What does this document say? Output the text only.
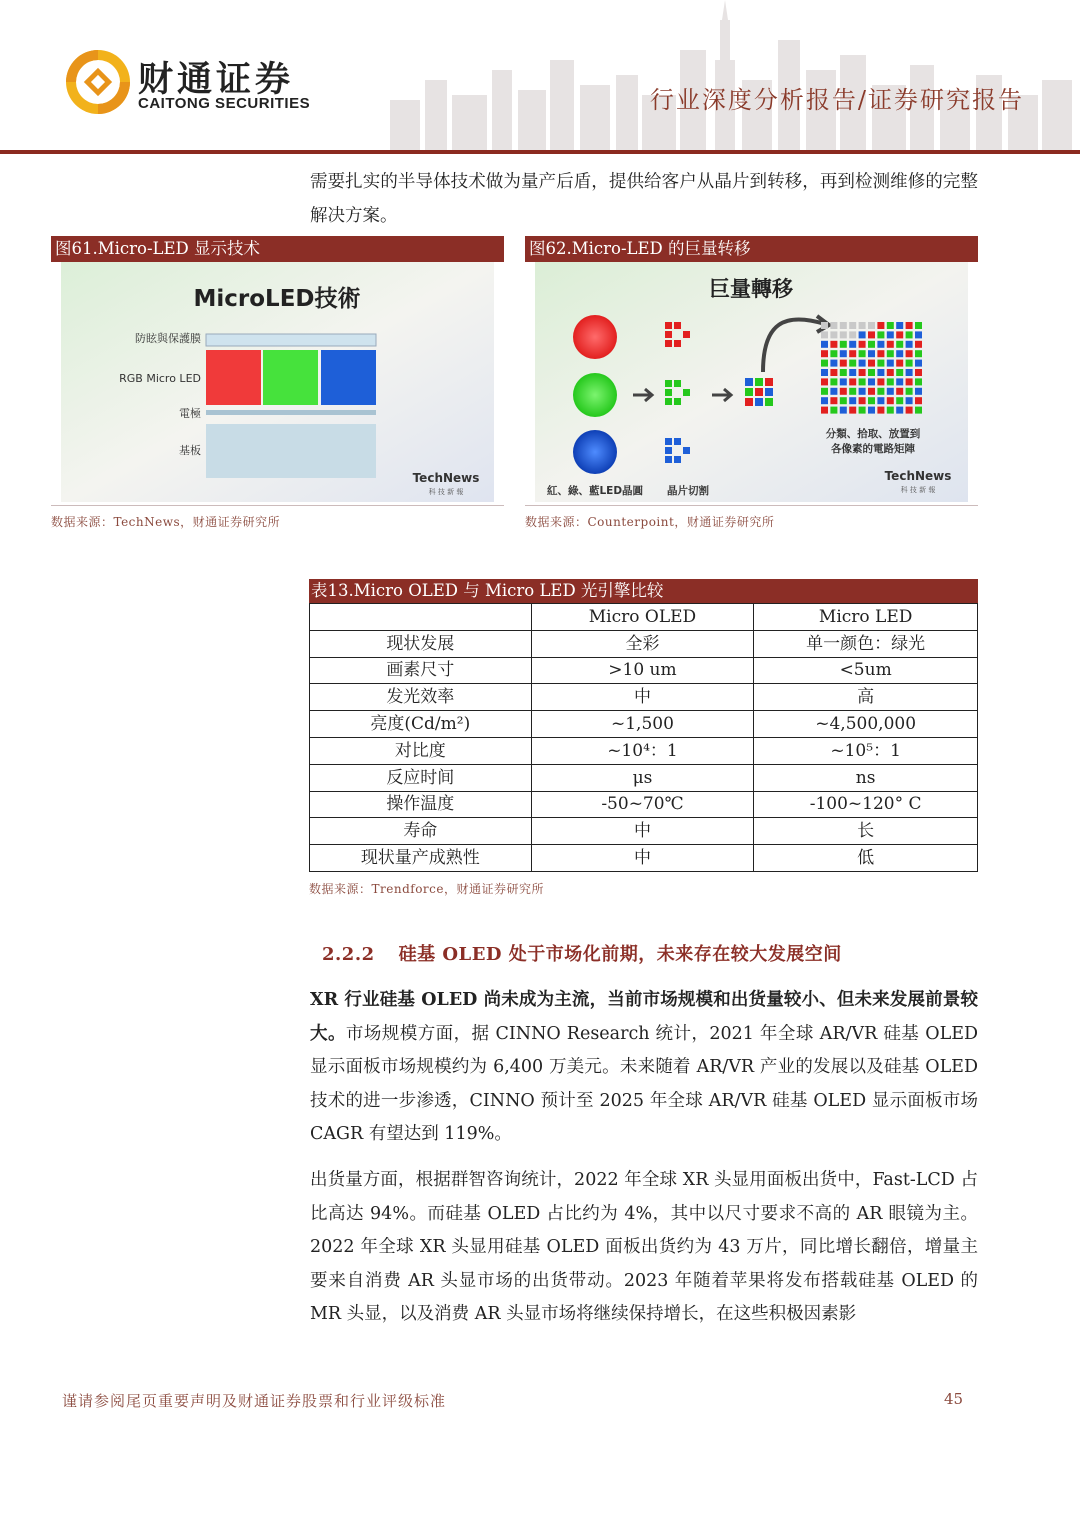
财通证券
CAITONG SECURITIES	行业深度分析报告/证券研究报告
需要扎实的半导体技术做为量产后盾，提供给客户从晶片到转移，再到检测维修的完整解决方案。
图61.Micro-LED 显示技术
MicroLED技術
防眩與保護膜
RGB Micro LED
電極
基板
TechNews
科 技 新 報
数据来源：TechNews，财通证券研究所
图62.Micro-LED 的巨量转移
巨量轉移
分類、拾取、放置到
各像素的電路矩陣
紅、綠、藍LED晶圓 晶片切割
TechNews
科 技 新 報
数据来源：Counterpoint，财通证券研究所
表13.Micro OLED 与 Micro LED 光引擎比较
	Micro OLED	Micro LED
现状发展	全彩	单一颜色：绿光
画素尺寸	>10 um	<5um
发光效率	中	高
亮度(Cd/m²)	~1,500	~4,500,000
对比度	~10⁴：1	~10⁵：1
反应时间	μs	ns
操作温度	-50~70℃	-100~120° C
寿命	中	长
现状量产成熟性	中	低
数据来源：Trendforce，财通证券研究所
2.2.2 硅基 OLED 处于市场化前期，未来存在较大发展空间
XR 行业硅基 OLED 尚未成为主流，当前市场规模和出货量较小、但未来发展前景较大。市场规模方面，据 CINNO Research 统计，2021 年全球 AR/VR 硅基 OLED 显示面板市场规模约为 6,400 万美元。未来随着 AR/VR 产业的发展以及硅基 OLED 技术的进一步渗透，CINNO 预计至 2025 年全球 AR/VR 硅基 OLED 显示面板市场 CAGR 有望达到 119%。
出货量方面，根据群智咨询统计，2022 年全球 XR 头显用面板出货中，Fast-LCD 占比高达 94%。而硅基 OLED 占比约为 4%，其中以尺寸要求不高的 AR 眼镜为主。2022 年全球 XR 头显用硅基 OLED 面板出货约为 43 万片，同比增长翻倍，增量主要来自消费 AR 头显市场的出货带动。2023 年随着苹果将发布搭载硅基 OLED 的 MR 头显，以及消费 AR 头显市场将继续保持增长，在这些积极因素影
谨请参阅尾页重要声明及财通证券股票和行业评级标准	45
